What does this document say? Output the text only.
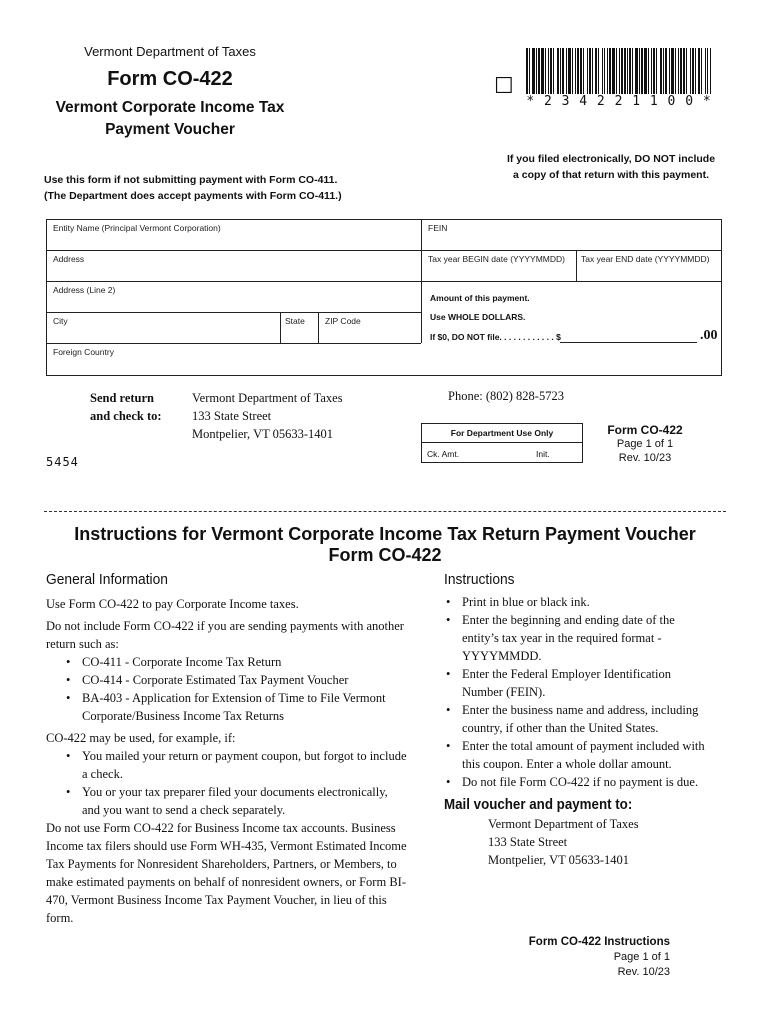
Vermont Department of Taxes
Form CO-422
Vermont Corporate Income Tax
Payment Voucher
☐
* 2 3 4 2 2 1 1 0 0 *
Use this form if not submitting payment with Form CO-411.
(The Department does accept payments with Form CO-411.)
If you filed electronically, DO NOT include
a copy of that return with this payment.
Entity Name (Principal Vermont Corporation)	FEIN
Address	Tax year BEGIN date (YYYYMMDD) Tax year END date (YYYYMMDD)
Address (Line 2)
City	State ZIP Code
Foreign Country
Amount of this payment.
Use WHOLE DOLLARS.
If $0, DO NOT file. . . . . . . . . . . . $	.00
Send return
and check to:
Vermont Department of Taxes
133 State Street
Montpelier, VT 05633-1401
Phone: (802) 828-5723
5454
For Department Use Only
Ck. Amt.	Init.
Form CO-422
Page 1 of 1
Rev. 10/23
Instructions for Vermont Corporate Income Tax Return Payment Voucher
Form CO-422
General Information
Use Form CO-422 to pay Corporate Income taxes.
Do not include Form CO-422 if you are sending payments with another return such as:
• CO-411 - Corporate Income Tax Return
• CO-414 - Corporate Estimated Tax Payment Voucher
• BA-403 - Application for Extension of Time to File Vermont Corporate/Business Income Tax Returns
CO-422 may be used, for example, if:
• You mailed your return or payment coupon, but forgot to include a check.
• You or your tax preparer filed your documents electronically, and you want to send a check separately.
Do not use Form CO-422 for Business Income tax accounts. Business Income tax filers should use Form WH-435, Vermont Estimated Income Tax Payments for Nonresident Shareholders, Partners, or Members, to make estimated payments on behalf of nonresident owners, or Form BI-470, Vermont Business Income Tax Payment Voucher, in lieu of this form.
Instructions
• Print in blue or black ink.
• Enter the beginning and ending date of the entity’s tax year in the required format - YYYYMMDD.
• Enter the Federal Employer Identification Number (FEIN).
• Enter the business name and address, including country, if other than the United States.
• Enter the total amount of payment included with this coupon. Enter a whole dollar amount.
• Do not file Form CO-422 if no payment is due.
Mail voucher and payment to:
Vermont Department of Taxes
133 State Street
Montpelier, VT 05633-1401
Form CO-422 Instructions
Page 1 of 1
Rev. 10/23
